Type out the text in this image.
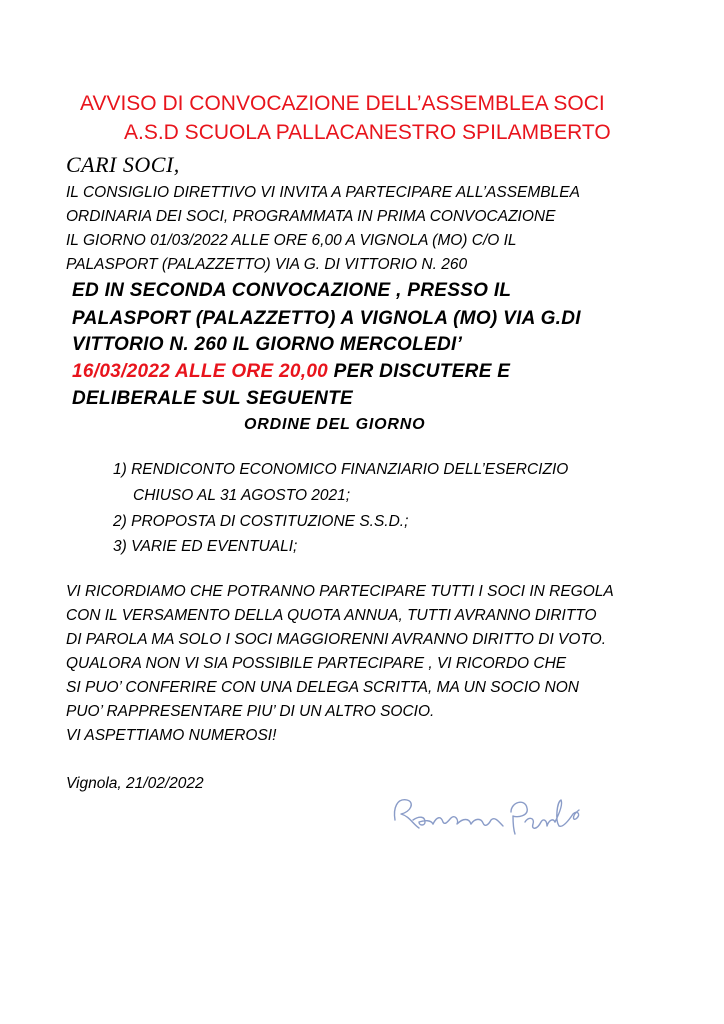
AVVISO DI CONVOCAZIONE DELL’ASSEMBLEA SOCI
A.S.D SCUOLA PALLACANESTRO SPILAMBERTO
CARI SOCI,
IL CONSIGLIO DIRETTIVO VI INVITA A PARTECIPARE ALL’ASSEMBLEA
ORDINARIA DEI SOCI, PROGRAMMATA IN PRIMA CONVOCAZIONE
IL GIORNO 01/03/2022 ALLE ORE 6,00 A VIGNOLA (MO) C/O IL
PALASPORT (PALAZZETTO) VIA G. DI VITTORIO N. 260
ED IN SECONDA CONVOCAZIONE , PRESSO IL
PALASPORT (PALAZZETTO) A VIGNOLA (MO) VIA G.DI
VITTORIO N. 260 IL GIORNO MERCOLEDI’
16/03/2022 ALLE ORE 20,00 PER DISCUTERE E
DELIBERALE SUL SEGUENTE
ORDINE DEL GIORNO
1) RENDICONTO ECONOMICO FINANZIARIO DELL’ESERCIZIO
CHIUSO AL 31 AGOSTO 2021;
2) PROPOSTA DI COSTITUZIONE S.S.D.;
3) VARIE ED EVENTUALI;
VI RICORDIAMO CHE POTRANNO PARTECIPARE TUTTI I SOCI IN REGOLA
CON IL VERSAMENTO DELLA QUOTA ANNUA, TUTTI AVRANNO DIRITTO
DI PAROLA MA SOLO I SOCI MAGGIORENNI AVRANNO DIRITTO DI VOTO.
QUALORA NON VI SIA POSSIBILE PARTECIPARE , VI RICORDO CHE
SI PUO’ CONFERIRE CON UNA DELEGA SCRITTA, MA UN SOCIO NON
PUO’ RAPPRESENTARE PIU’ DI UN ALTRO SOCIO.
VI ASPETTIAMO NUMEROSI!
Vignola, 21/02/2022
